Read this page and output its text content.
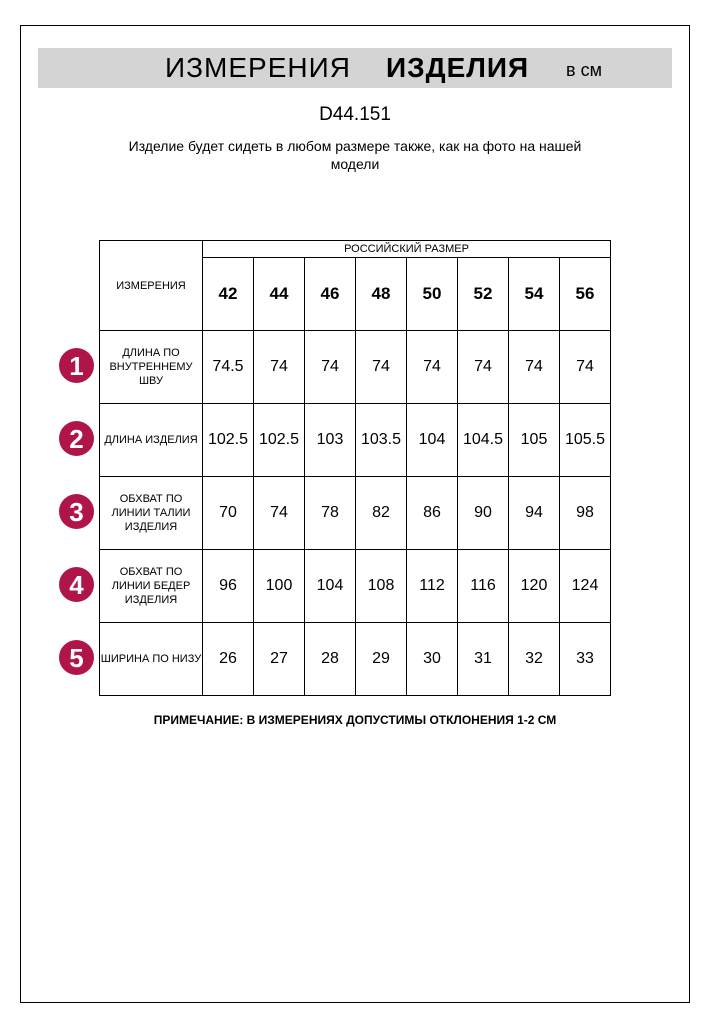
ИЗМЕРЕНИЯ ИЗДЕЛИЯ в см
D44.151
Изделие будет сидеть в любом размере также, как на фото на нашей модели
ИЗМЕРЕНИЯ	РОССИЙСКИЙ РАЗМЕР							
	42	44	46	48	50	52	54	56
ДЛИНА ПО ВНУТРЕННЕМУ ШВУ	74.5	74	74	74	74	74	74	74
ДЛИНА ИЗДЕЛИЯ	102.5	102.5	103	103.5	104	104.5	105	105.5
ОБХВАТ ПО ЛИНИИ ТАЛИИ ИЗДЕЛИЯ	70	74	78	82	86	90	94	98
ОБХВАТ ПО ЛИНИИ БЕДЕР ИЗДЕЛИЯ	96	100	104	108	112	116	120	124
ШИРИНА ПО НИЗУ	26	27	28	29	30	31	32	33
1
2
3
4
5
ПРИМЕЧАНИЕ: В ИЗМЕРЕНИЯХ ДОПУСТИМЫ ОТКЛОНЕНИЯ 1-2 СМ
